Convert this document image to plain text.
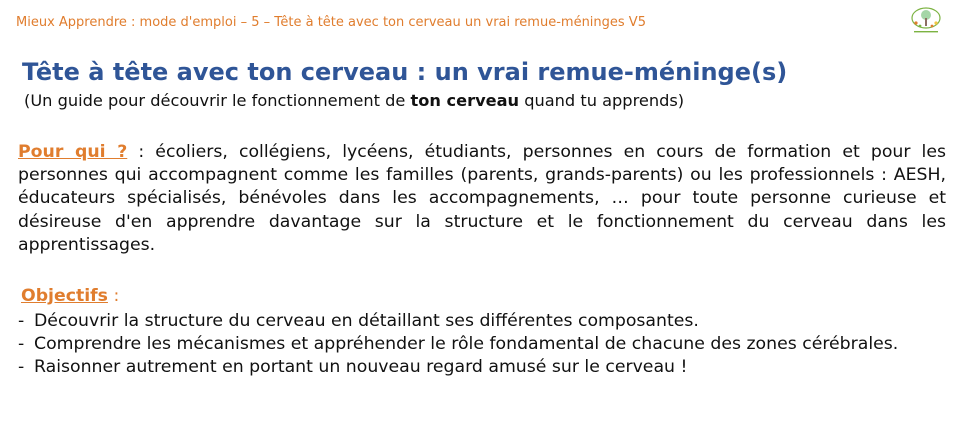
Mieux Apprendre : mode d'emploi – 5 – Tête à tête avec ton cerveau un vrai remue-méninges V5
Tête à tête avec ton cerveau : un vrai remue-méninge(s)
(Un guide pour découvrir le fonctionnement de ton cerveau quand tu apprends)
Pour qui ? : écoliers, collégiens, lycéens, étudiants, personnes en cours de formation et pour les personnes qui accompagnent comme les familles (parents, grands-parents) ou les professionnels : AESH, éducateurs spécialisés, bénévoles dans les accompagnements, … pour toute personne curieuse et désireuse d'en apprendre davantage sur la structure et le fonctionnement du cerveau dans les apprentissages.
Objectifs :
- Découvrir la structure du cerveau en détaillant ses différentes composantes.
- Comprendre les mécanismes et appréhender le rôle fondamental de chacune des zones cérébrales.
- Raisonner autrement en portant un nouveau regard amusé sur le cerveau !
